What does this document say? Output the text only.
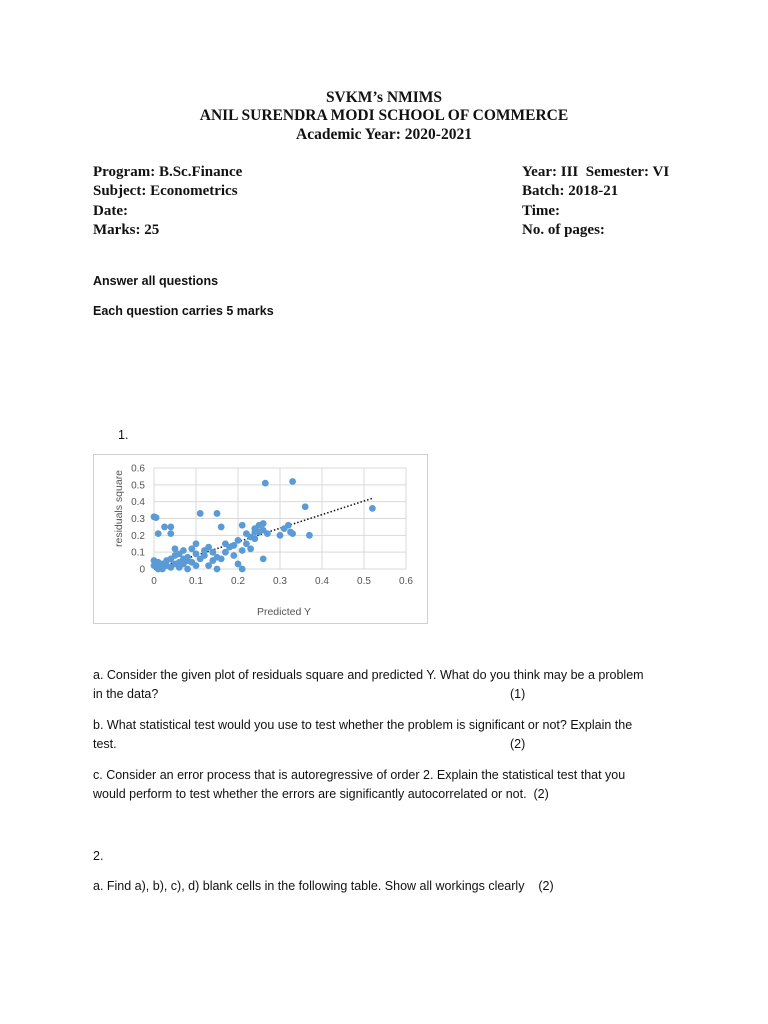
SVKM’s NMIMS
ANIL SURENDRA MODI SCHOOL OF COMMERCE
Academic Year: 2020-2021
Program: B.Sc.Finance
Subject: Econometrics
Date:
Marks: 25
Year: III  Semester: VI
Batch: 2018-21
Time:
No. of pages:
Answer all questions
Each question carries 5 marks
1.
0
0.1
0.2
0.3
0.4
0.5
0.6
0	0.1	0.2	0.3	0.4	0.5	0.6
Predicted Y
residuals square
a. Consider the given plot of residuals square and predicted Y. What do you think may be a problem
in the data?	(1)
b. What statistical test would you use to test whether the problem is significant or not? Explain the
test.	(2)
c. Consider an error process that is autoregressive of order 2. Explain the statistical test that you
would perform to test whether the errors are significantly autocorrelated or not.  (2)
2.
a. Find a), b), c), d) blank cells in the following table. Show all workings clearly    (2)
